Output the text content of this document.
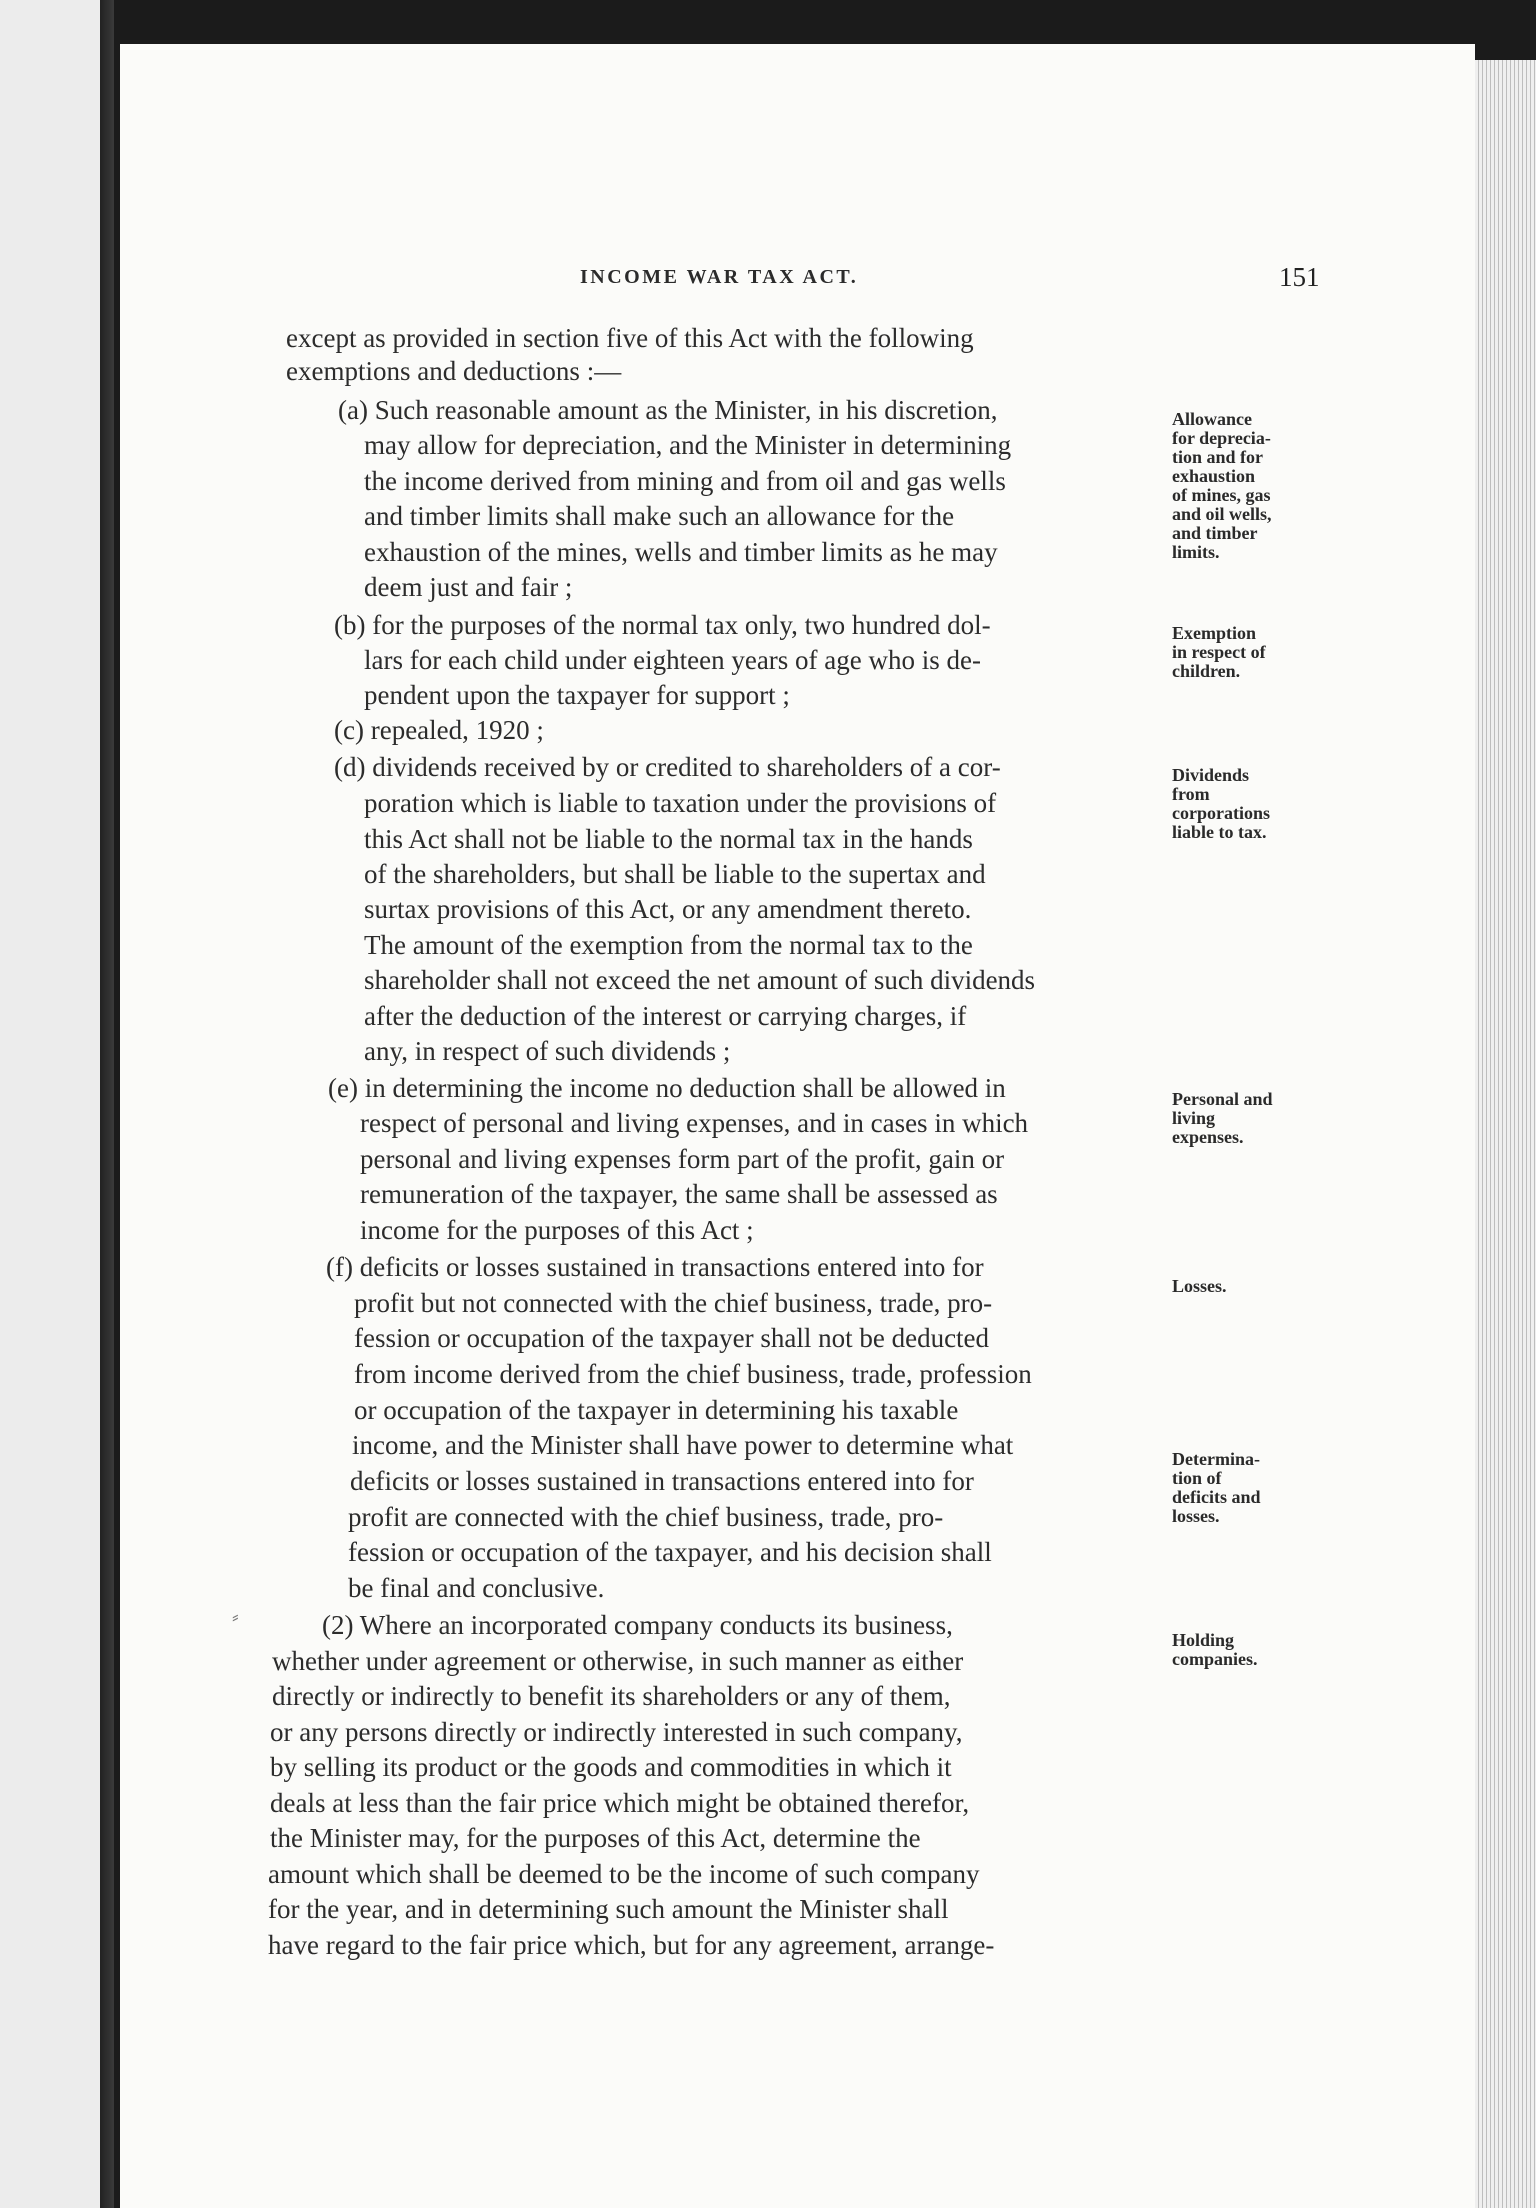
INCOME WAR TAX ACT.	151
except as provided in section five of this Act with the following
exemptions and deductions :—
(a) Such reasonable amount as the Minister, in his discretion,
may allow for depreciation, and the Minister in determining
the income derived from mining and from oil and gas wells
and timber limits shall make such an allowance for the
exhaustion of the mines, wells and timber limits as he may
deem just and fair ;
(b) for the purposes of the normal tax only, two hundred dol-
lars for each child under eighteen years of age who is de-
pendent upon the taxpayer for support ;
(c) repealed, 1920 ;
(d) dividends received by or credited to shareholders of a cor-
poration which is liable to taxation under the provisions of
this Act shall not be liable to the normal tax in the hands
of the shareholders, but shall be liable to the supertax and
surtax provisions of this Act, or any amendment thereto.
The amount of the exemption from the normal tax to the
shareholder shall not exceed the net amount of such dividends
after the deduction of the interest or carrying charges, if
any, in respect of such dividends ;
(e) in determining the income no deduction shall be allowed in
respect of personal and living expenses, and in cases in which
personal and living expenses form part of the profit, gain or
remuneration of the taxpayer, the same shall be assessed as
income for the purposes of this Act ;
(f) deficits or losses sustained in transactions entered into for
profit but not connected with the chief business, trade, pro-
fession or occupation of the taxpayer shall not be deducted
from income derived from the chief business, trade, profession
or occupation of the taxpayer in determining his taxable
income, and the Minister shall have power to determine what
deficits or losses sustained in transactions entered into for
profit are connected with the chief business, trade, pro-
fession or occupation of the taxpayer, and his decision shall
be final and conclusive.
(2) Where an incorporated company conducts its business,
whether under agreement or otherwise, in such manner as either
directly or indirectly to benefit its shareholders or any of them,
or any persons directly or indirectly interested in such company,
by selling its product or the goods and commodities in which it
deals at less than the fair price which might be obtained therefor,
the Minister may, for the purposes of this Act, determine the
amount which shall be deemed to be the income of such company
for the year, and in determining such amount the Minister shall
have regard to the fair price which, but for any agreement, arrange-
Allowance
for deprecia-
tion and for
exhaustion
of mines, gas
and oil wells,
and timber
limits.
Exemption
in respect of
children.
Dividends
from
corporations
liable to tax.
Personal and
living
expenses.
Losses.
Determina-
tion of
deficits and
losses.
Holding
companies.
⸗
